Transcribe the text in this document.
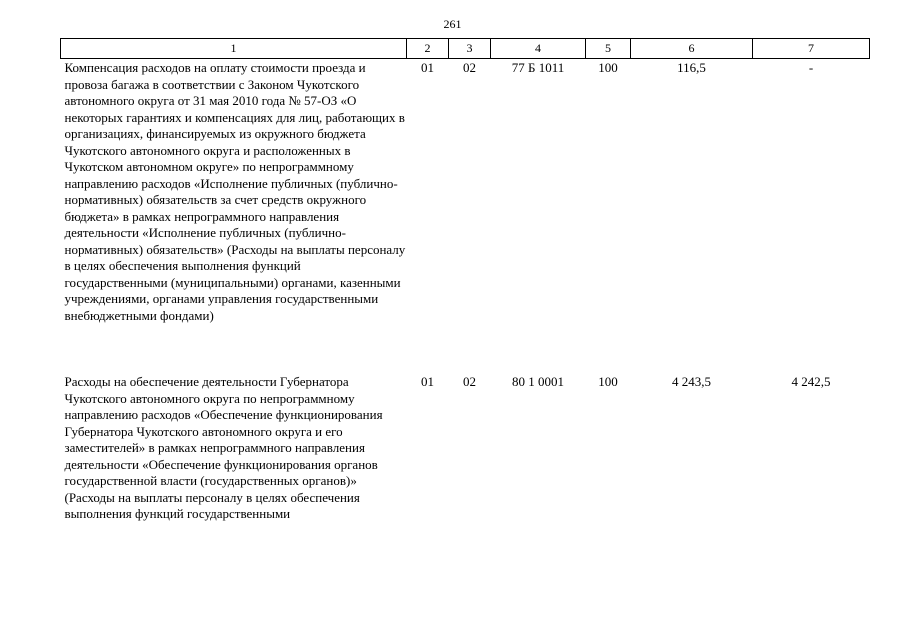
261
1	2	3	4	5	6	7
Компенсация расходов на оплату стоимости проезда и провоза багажа в соответствии с Законом Чукотского автономного округа от 31 мая 2010 года № 57-ОЗ «О некоторых гарантиях и компенсациях для лиц, работающих в организациях, финансируемых из окружного бюджета Чукотского автономного округа и расположенных в Чукотском автономном округе» по непрограммному направлению расходов «Исполнение публичных (публично-нормативных) обязательств за счет средств окружного бюджета» в рамках непрограммного направления деятельности «Исполнение публичных (публично-нормативных) обязательств» (Расходы на выплаты персоналу в целях обеспечения выполнения функций государственными (муниципальными) органами, казенными учреждениями, органами управления государственными внебюджетными фондами)	01	02	77 Б 1011	100	116,5	-
Расходы на обеспечение деятельности Губернатора Чукотского автономного округа по непрограммному направлению расходов «Обеспечение функционирования Губернатора Чукотского автономного округа и его заместителей» в рамках непрограммного направления деятельности «Обеспечение функционирования органов государственной власти (государственных органов)» (Расходы на выплаты персоналу в целях обеспечения выполнения функций государственными	01	02	80 1 0001	100	4 243,5	4 242,5
